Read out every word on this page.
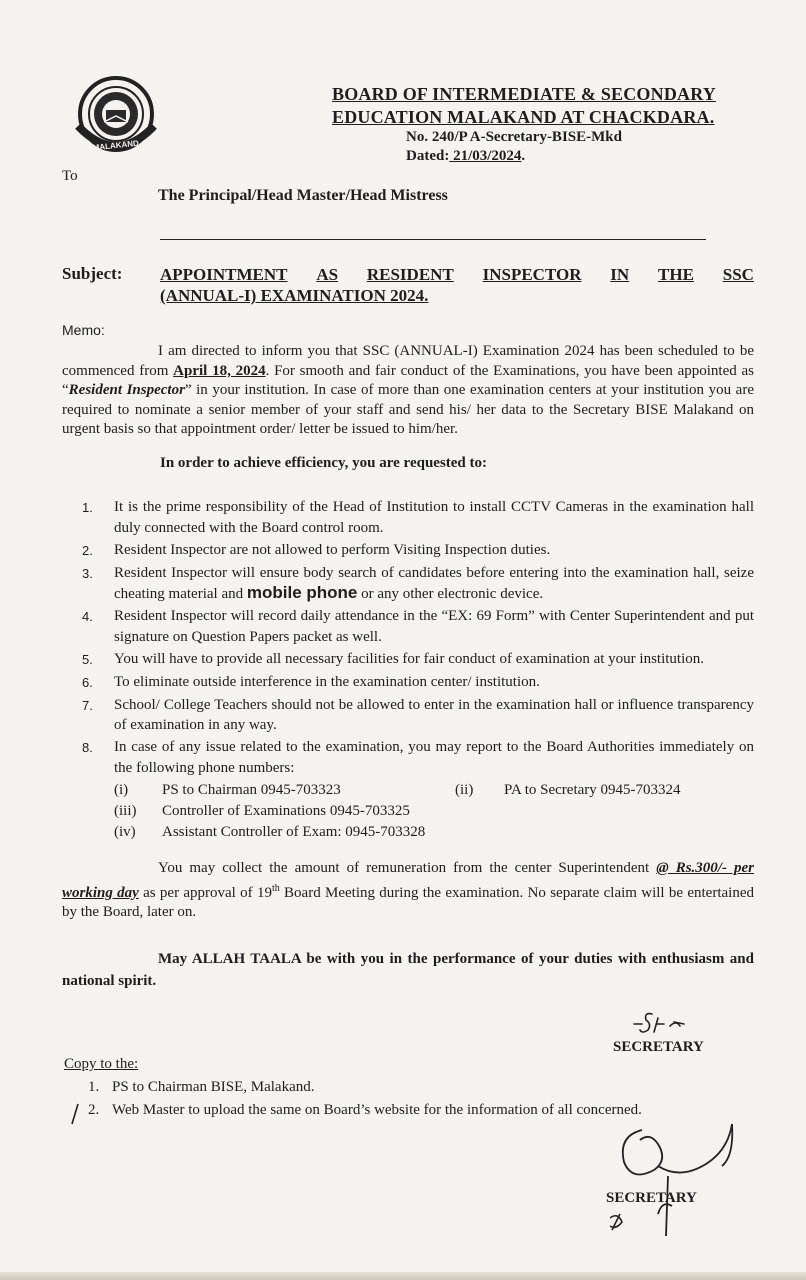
MALAKAND
BOARD OF INTERMEDIATE & SECONDARY
EDUCATION MALAKAND AT CHACKDARA.
No. 240/P A-Secretary-BISE-Mkd
Dated: 21/03/2024.
To
The Principal/Head Master/Head Mistress
Subject: APPOINTMENT AS RESIDENT INSPECTOR IN THE SSC
(ANNUAL-I) EXAMINATION 2024.
Memo:
I am directed to inform you that SSC (ANNUAL-I) Examination 2024 has been scheduled to be commenced from April 18, 2024. For smooth and fair conduct of the Examinations, you have been appointed as “Resident Inspector” in your institution. In case of more than one examination centers at your institution you are required to nominate a senior member of your staff and send his/ her data to the Secretary BISE Malakand on urgent basis so that appointment order/ letter be issued to him/her.
In order to achieve efficiency, you are requested to:
1.	It is the prime responsibility of the Head of Institution to install CCTV Cameras in the examination hall duly connected with the Board control room.
2.	Resident Inspector are not allowed to perform Visiting Inspection duties.
3.	Resident Inspector will ensure body search of candidates before entering into the examination hall, seize cheating material and mobile phone or any other electronic device.
4.	Resident Inspector will record daily attendance in the “EX: 69 Form” with Center Superintendent and put signature on Question Papers packet as well.
5.	You will have to provide all necessary facilities for fair conduct of examination at your institution.
6.	To eliminate outside interference in the examination center/ institution.
7.	School/ College Teachers should not be allowed to enter in the examination hall or influence transparency of examination in any way.
8.	In case of any issue related to the examination, you may report to the Board Authorities immediately on the following phone numbers:
(i)	PS to Chairman 0945-703323	(ii)	PA to Secretary 0945-703324
(iii)	Controller of Examinations 0945-703325
(iv)	Assistant Controller of Exam: 0945-703328
You may collect the amount of remuneration from the center Superintendent @ Rs.300/- per working day as per approval of 19th Board Meeting during the examination. No separate claim will be entertained by the Board, later on.
May ALLAH TAALA be with you in the performance of your duties with enthusiasm and national spirit.
SECRETARY
Copy to the:
1. PS to Chairman BISE, Malakand.
2. Web Master to upload the same on Board’s website for the information of all concerned.
SECRETARY
